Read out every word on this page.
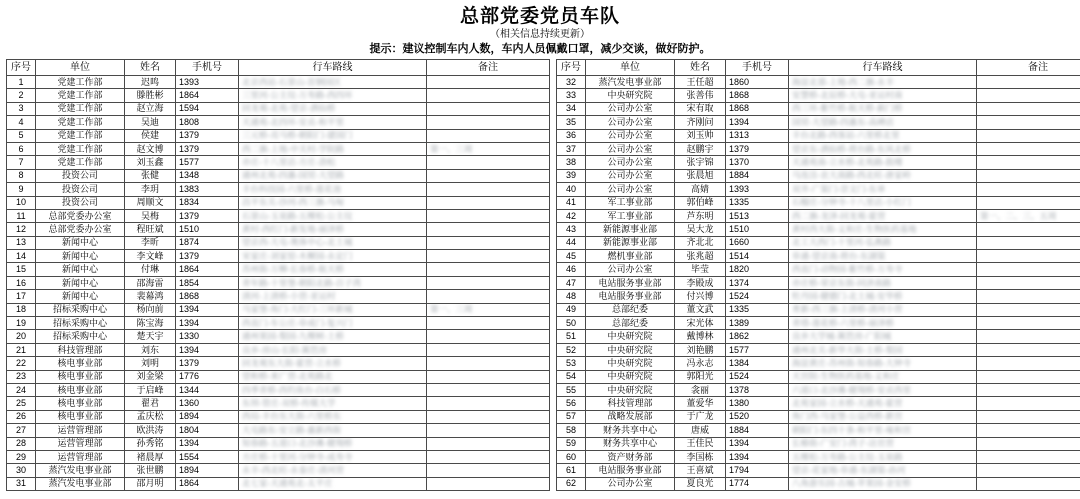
总部党委党员车队
（相关信息持续更新）
提示：建议控制车内人数，车内人员佩戴口罩，减少交谈，做好防护。
序号	单位	姓名	手机号	行车路线	备注

1	党建工作部	迟鸣	1393	北京西站-石景山-首钢园区	

2	党建工作部	滕胜彬	1864	三里河-公主坟-万寿路-西四环	

3	党建工作部	赵立海	1594	回龙观-北苑-望京-酒仙桥	

4	党建工作部	吴迪	1808	天通苑-北四环-安贞-和平里	

5	党建工作部	侯建	1379	三元桥-亮马桥-朝阳门-建国门	

6	党建工作部	赵文博	1379	西二旗-上地-中关村-学院路	第一、三周

7	党建工作部	刘玉鑫	1577	亦庄-十八里店-方庄-劲松	

8	投资公司	张健	1348	通州北苑-四惠-国贸-大望路	

9	投资公司	李玥	1383	丰台科技园-六里桥-莲花池	

10	投资公司	周顺文	1834	昌平东关-沙河-西三旗-马甸	

11	总部党委办公室	吴梅	1379	石景山-玉泉路-五棵松-公主坟	

12	总部党委办公室	程旺斌	1510	黄村-西红门-新发地-丽泽桥	

13	新闻中心	李昕	1874	望京西-大屯-奥体中心-北土城	

14	新闻中心	李文峰	1379	宋家庄-刘家窑-木樨园-永定门	

15	新闻中心	付琳	1864	苏州街-万柳-长春桥-航天桥	

16	新闻中心	邵海雷	1854	青年路-十里堡-朝阳北路-百子湾	

17	新闻中心	裴幕鸿	1868	清河-上清桥-小营-亚运村	

18	招标采购中心	杨向前	1394	马家堡-角门-大红门-三环新城	第一、三周

19	招标采购中心	陈宝海	1394	西直门-车公庄-阜成门-复兴门	

20	招标采购中心	楚天宇	1330	通州果园-梨园-九棵树-土桥	

21	科技管理部	刘东	1394	良乡-房山-长阳-篱笆房	

22	核电事业部	刘明	1379	回龙观东大街-霍营-立水桥	

23	核电事业部	刘金梁	1776	望和桥-来广营-北苑路北	

24	核电事业部	于启峰	1344	四季青桥-西钓鱼台-白石桥	

25	核电事业部	翟君	1360	东坝-管庄-双桥-传媒大学	

26	核电事业部	孟庆松	1894	西局-丰台东大街-六里桥东	

27	运营管理部	欧洪涛	1804	大屯路东-安立路-惠新西街	

28	运营管理部	孙秀铭	1394	知春路-五道口-北沙滩-健翔桥	

29	运营管理部	褚晨厚	1554	方庄桥-十里河-分钟寺-成寿寺	

30	蒸汽发电事业部	张世鹏	1894	永丰-西北旺-永泰庄-清河营	

31	蒸汽发电事业部	邵月明	1864	北七家-天通苑北-太平庄	

序号	单位	姓名	手机号	行车路线	备注

32	蒸汽发电事业部	王任超	1860	海淀北部-上地-西二旗-永丰	

33	中央研究院	张善伟	1868	安慧桥-北辰桥-大屯-亚运村南	

34	公司办公室	宋有取	1868	西三环-紫竹桥-航天桥-蓟门桥	

35	公司办公室	齐刚问	1394	国贸-大望路-四惠东-高碑店	

36	公司办公室	刘玉帅	1313	丰台北路-西客站-六里桥北里	

37	公司办公室	赵鹏宇	1379	望京东-酒仙桥-将台路-东风北桥	

38	公司办公室	张宇锦	1370	天通苑南-立水桥-北苑路-鼓楼	

39	公司办公室	张晨旭	1884	马连洼-农大南路-西北旺-唐家岭	

40	公司办公室	高婧	1393	双井-广渠门-崇文门-东单	

41	军工事业部	郭伯峰	1335	石榴庄-分钟寺-十八里店-小红门	

42	军工事业部	芦东明	1513	西二旗-龙泽-回龙观-霍营	第一、二、三、五周

43	新能源事业部	吴大龙	1510	黄村西大街-义和庄-生物医药基地	

44	新能源事业部	齐北北	1660	北工大西门-十里河-弘燕路	

45	燃机事业部	张兆超	1514	阜通-望京南-将台-东湖渠	

46	公司办公室	毕莹	1820	西直门-动物园-紫竹桥-万寿寺	

47	电站服务事业部	李殿成	1374	亦庄桥-荣京东街-同济南路	

48	电站服务事业部	付兴博	1524	牡丹园-健德门-北土城-安华桥	

49	总部纪委	董文武	1335	育新-西三旗-上清桥-清河小营	

50	总部纪委	宋光体	1389	青塔-莲花桥-六里桥-丽泽桥	

51	中央研究院	戴博林	1862	良乡大学城-篱笆房-广阳城	

52	中央研究院	刘艳鹏	1577	通州北关-新华大街-土桥-梨园	

53	中央研究院	冯永志	1384	海淀黄庄-苏州街-知春路-大钟寺	

54	中央研究院	郭阳光	1524	天宫院-生物医药基地-义和庄	

55	中央研究院	衾丽	1378	六道口-北沙滩-健翔桥-安贞西里	

56	科技管理部	董爱华	1380	北苑家园-立水桥-天通苑-霍营	

57	战略发展部	于广龙	1520	角门西-马家堡-公益西桥-新宫	

58	财务共享中心	唐威	1884	朝阳门-东四十条-和平里-雍和宫	

59	财务共享中心	王佳民	1394	长椿街-广安门-湾子-达官营	

60	资产财务部	李国栋	1394	五棵松-万寿路-公主坟-玉泉路	

61	电站服务事业部	王喜斌	1794	望京-花家地-阜通-东湖渠-孙河	

62	公司办公室	夏良光	1774	八角游乐园-古城-苹果园-金安桥	
